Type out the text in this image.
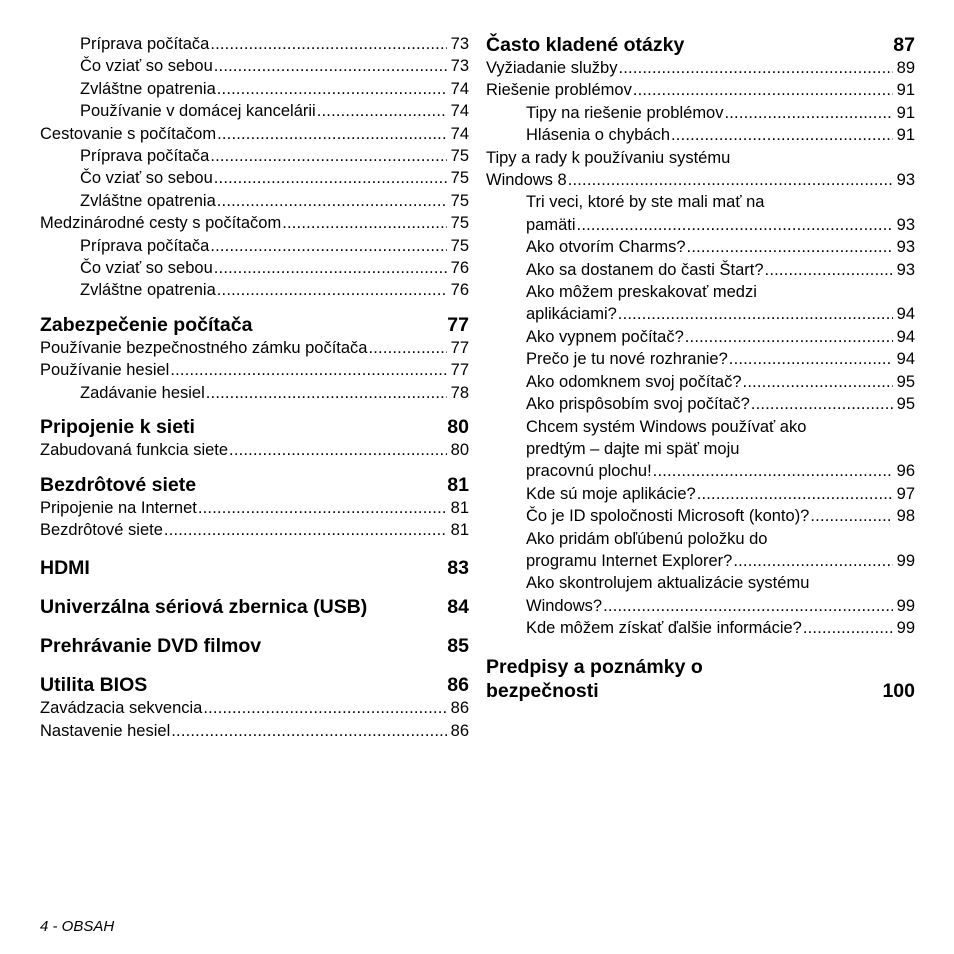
Príprava počítača .....	73
Čo vziať so sebou .....	73
Zvláštne opatrenia .....	74
Používanie v domácej kancelárii .....	74
Cestovanie s počítačom .....	74
Príprava počítača .....	75
Čo vziať so sebou .....	75
Zvláštne opatrenia .....	75
Medzinárodné cesty s počítačom .....	75
Príprava počítača .....	75
Čo vziať so sebou .....	76
Zvláštne opatrenia .....	76
Zabezpečenie počítača	77
Používanie bezpečnostného zámku počítača .....	77
Používanie hesiel .....	77
Zadávanie hesiel .....	78
Pripojenie k sieti	80
Zabudovaná funkcia siete .....	80
Bezdrôtové siete	81
Pripojenie na Internet .....	81
Bezdrôtové siete .....	81
HDMI	83
Univerzálna sériová zbernica (USB)	84
Prehrávanie DVD filmov	85
Utilita BIOS	86
Zavádzacia sekvencia .....	86
Nastavenie hesiel .....	86
Často kladené otázky	87
Vyžiadanie služby .....	89
Riešenie problémov .....	91
Tipy na riešenie problémov .....	91
Hlásenia o chybách .....	91
Tipy a rady k používaniu systému
Windows 8 .....	93
Tri veci, ktoré by ste mali mať na
pamäti .....	93
Ako otvorím Charms? .....	93
Ako sa dostanem do časti Štart? .....	93
Ako môžem preskakovať medzi
aplikáciami? .....	94
Ako vypnem počítač? .....	94
Prečo je tu nové rozhranie? .....	94
Ako odomknem svoj počítač? .....	95
Ako prispôsobím svoj počítač? .....	95
Chcem systém Windows používať ako
predtým – dajte mi späť moju
pracovnú plochu! .....	96
Kde sú moje aplikácie? .....	97
Čo je ID spoločnosti Microsoft (konto)? .....	98
Ako pridám obľúbenú položku do
programu Internet Explorer? .....	99
Ako skontrolujem aktualizácie systému
Windows? .....	99
Kde môžem získať ďalšie informácie? .....	99
Predpisy a poznámky o
bezpečnosti	100
4 - OBSAH
